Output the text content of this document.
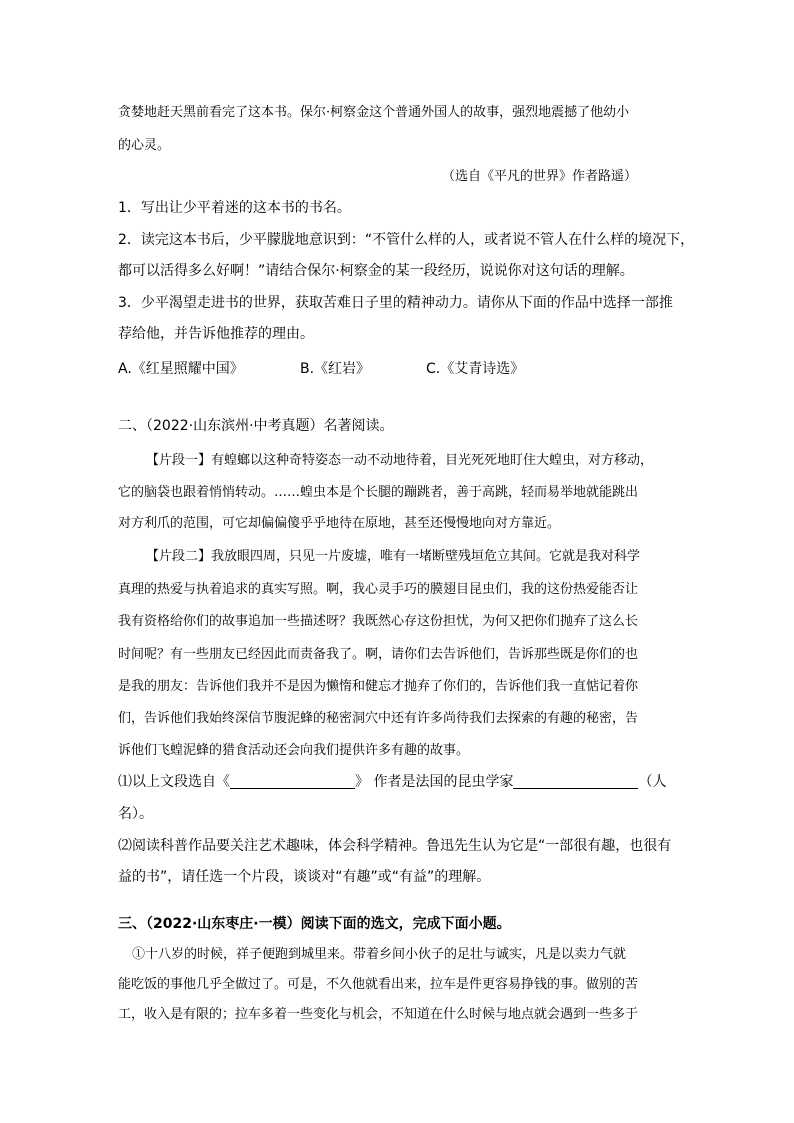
贪婪地赶天黑前看完了这本书。保尔·柯察金这个普通外国人的故事，强烈地震撼了他幼小
的心灵。
（选自《平凡的世界》作者路遥）
1．写出让少平着迷的这本书的书名。
2．读完这本书后，少平朦胧地意识到：“不管什么样的人，或者说不管人在什么样的境况下，
都可以活得多么好啊！”请结合保尔·柯察金的某一段经历，说说你对这句话的理解。
3．少平渴望走进书的世界，获取苦难日子里的精神动力。请你从下面的作品中选择一部推
荐给他，并告诉他推荐的理由。
A.《红星照耀中国》	B.《红岩》	C.《艾青诗选》
二、（2022·山东滨州·中考真题）名著阅读。
【片段一】有蝗螂以这种奇特姿态一动不动地待着，目光死死地盯住大蝗虫，对方移动，
它的脑袋也跟着悄悄转动。……蝗虫本是个长腿的蹦跳者，善于高跳，轻而易举地就能跳出
对方利爪的范围，可它却偏偏傻乎乎地待在原地，甚至还慢慢地向对方靠近。
【片段二】我放眼四周，只见一片废墟，唯有一堵断壁残垣危立其间。它就是我对科学
真理的热爱与执着追求的真实写照。啊，我心灵手巧的膜翅目昆虫们，我的这份热爱能否让
我有资格给你们的故事追加一些描述呀？我既然心存这份担忧，为何又把你们抛弃了这么长
时间呢？有一些朋友已经因此而责备我了。啊，请你们去告诉他们，告诉那些既是你们的也
是我的朋友：告诉他们我并不是因为懒惰和健忘才抛弃了你们的，告诉他们我一直惦记着你
们，告诉他们我始终深信节腹泥蜂的秘密洞穴中还有许多尚待我们去探索的有趣的秘密，告
诉他们飞蝗泥蜂的猎食活动还会向我们提供许多有趣的故事。
⑴以上文段选自《	》 作者是法国的昆虫学家	（人
名）。
⑵阅读科普作品要关注艺术趣味，体会科学精神。鲁迅先生认为它是“一部很有趣，也很有
益的书”，请任选一个片段，谈谈对“有趣”或“有益”的理解。
三、（2022·山东枣庄·一模）阅读下面的选文，完成下面小题。
①十八岁的时候，祥子便跑到城里来。带着乡间小伙子的足壮与诚实，凡是以卖力气就
能吃饭的事他几乎全做过了。可是，不久他就看出来，拉车是件更容易挣钱的事。做别的苦
工，收入是有限的；拉车多着一些变化与机会，不知道在什么时候与地点就会遇到一些多于
